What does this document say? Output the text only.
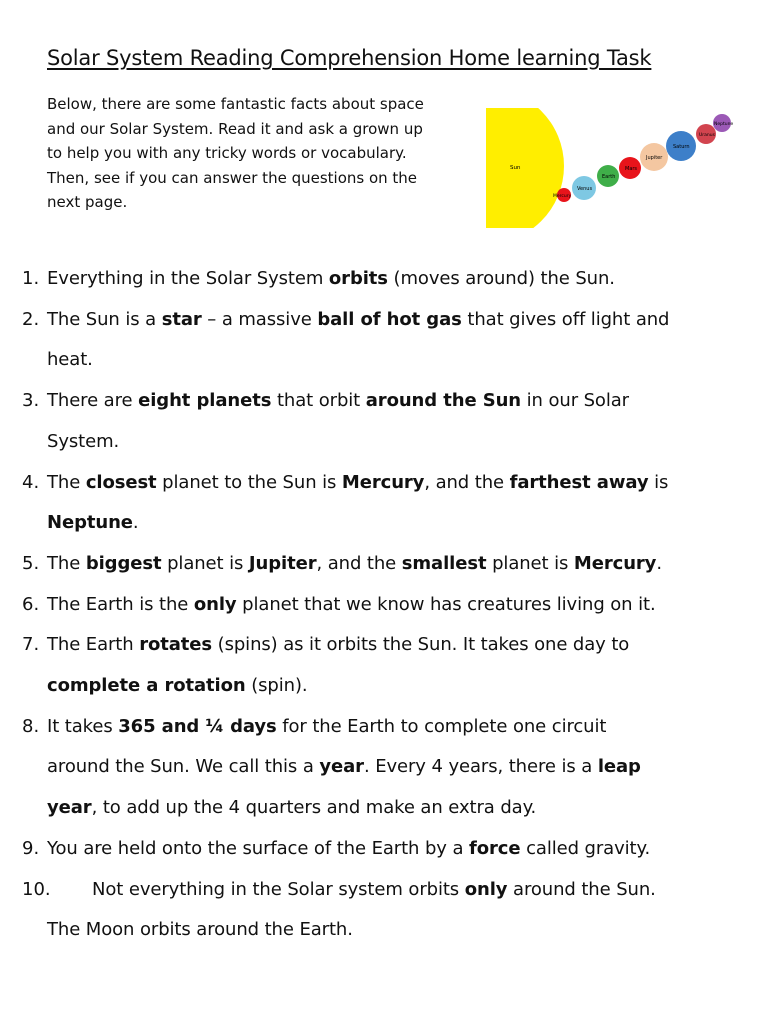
Solar System Reading Comprehension Home learning Task
Below, there are some fantastic facts about space
and our Solar System. Read it and ask a grown up
to help you with any tricky words or vocabulary.
Then, see if you can answer the questions on the
next page.
Sun
Mercury
Venus
Earth
Mars
Jupiter
Saturn
Uranus
Neptune
1. Everything in the Solar System orbits (moves around) the Sun.
2. The Sun is a star – a massive ball of hot gas that gives off light and
heat.
3. There are eight planets that orbit around the Sun in our Solar
System.
4. The closest planet to the Sun is Mercury, and the farthest away is
Neptune.
5. The biggest planet is Jupiter, and the smallest planet is Mercury.
6. The Earth is the only planet that we know has creatures living on it.
7. The Earth rotates (spins) as it orbits the Sun. It takes one day to
complete a rotation (spin).
8. It takes 365 and ¼ days for the Earth to complete one circuit
around the Sun. We call this a year. Every 4 years, there is a leap
year, to add up the 4 quarters and make an extra day.
9. You are held onto the surface of the Earth by a force called gravity.
10. Not everything in the Solar system orbits only around the Sun.
The Moon orbits around the Earth.
